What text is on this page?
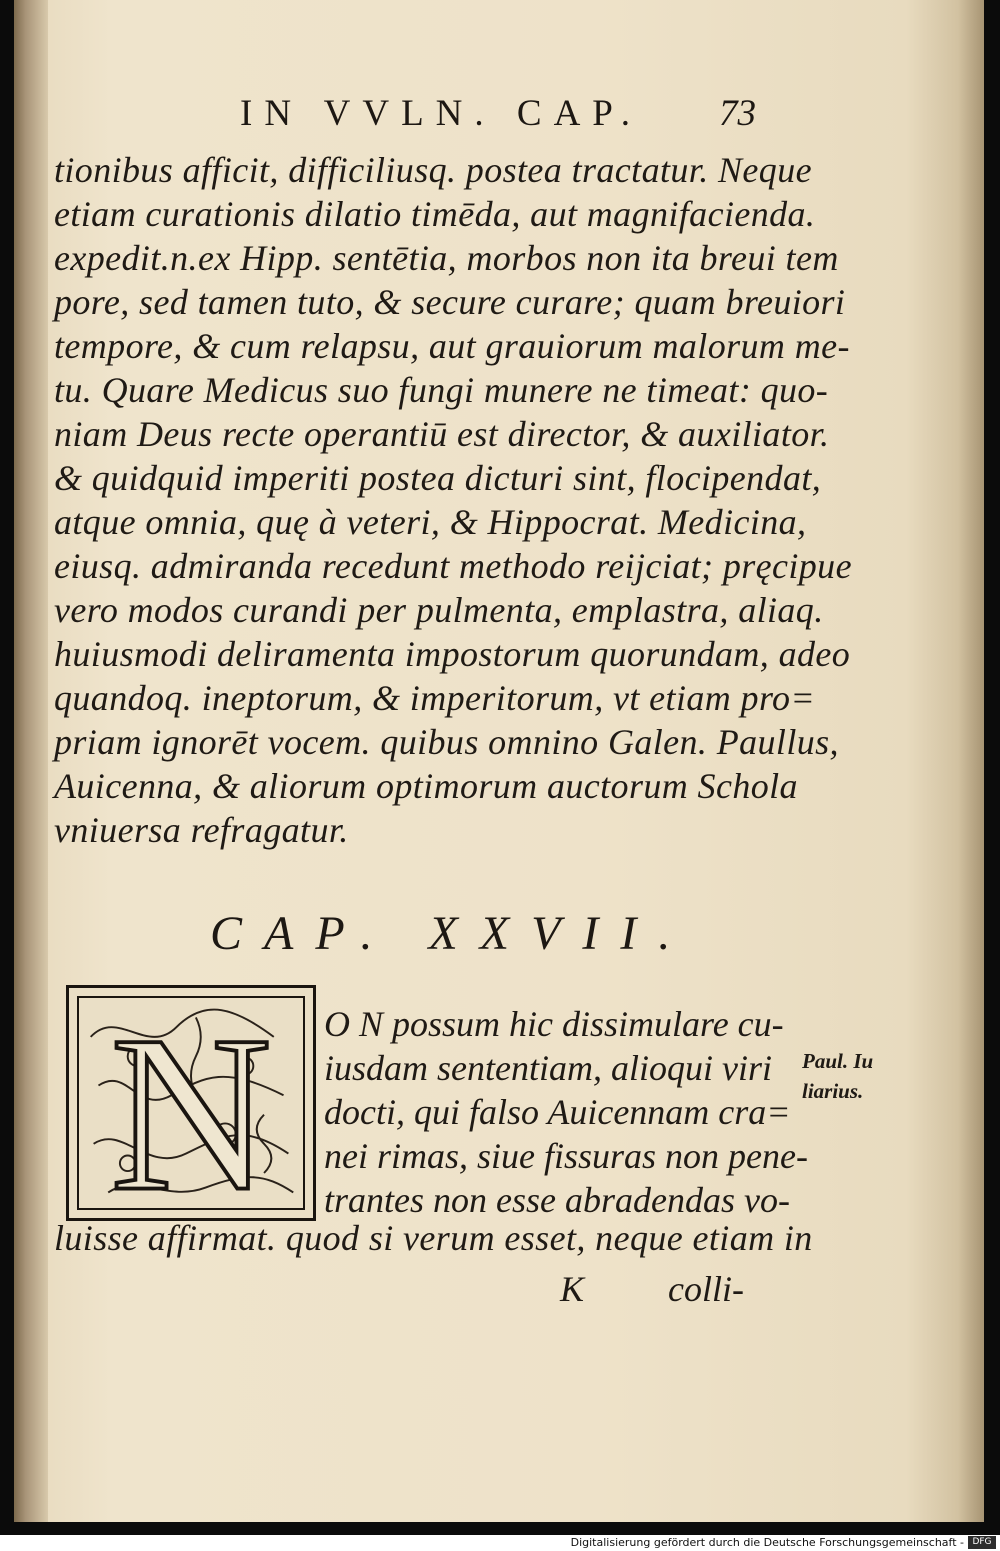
IN VVLN. CAP. 73
tionibus afficit, difficiliusq. postea tractatur. Neque
etiam curationis dilatio timēda, aut magnifacienda.
expedit.n.ex Hipp. sentētia, morbos non ita breui tem
pore, sed tamen tuto, & secure curare; quam breuiori
tempore, & cum relapsu, aut grauiorum malorum me-
tu. Quare Medicus suo fungi munere ne timeat: quo-
niam Deus recte operantiū est director, & auxiliator.
& quidquid imperiti postea dicturi sint, flocipendat,
atque omnia, quę à veteri, & Hippocrat. Medicina,
eiusq. admiranda recedunt methodo reijciat; pręcipue
vero modos curandi per pulmenta, emplastra, aliaq.
huiusmodi deliramenta impostorum quorundam, adeo
quandoq. ineptorum, & imperitorum, vt etiam pro=
priam ignorēt vocem. quibus omnino Galen. Paullus,
Auicenna, & aliorum optimorum auctorum Schola
vniuersa refragatur.
CAP. XXVII.
N O N possum hic dissimulare cu-
iusdam sententiam, alioqui viri
docti, qui falso Auicennam cra=
nei rimas, siue fissuras non pene-
trantes non esse abradendas vo-
Paul. Iu
liarius.
luisse affirmat. quod si verum esset, neque etiam in
K colli-
Digitalisierung gefördert durch die Deutsche Forschungsgemeinschaft - DFG
